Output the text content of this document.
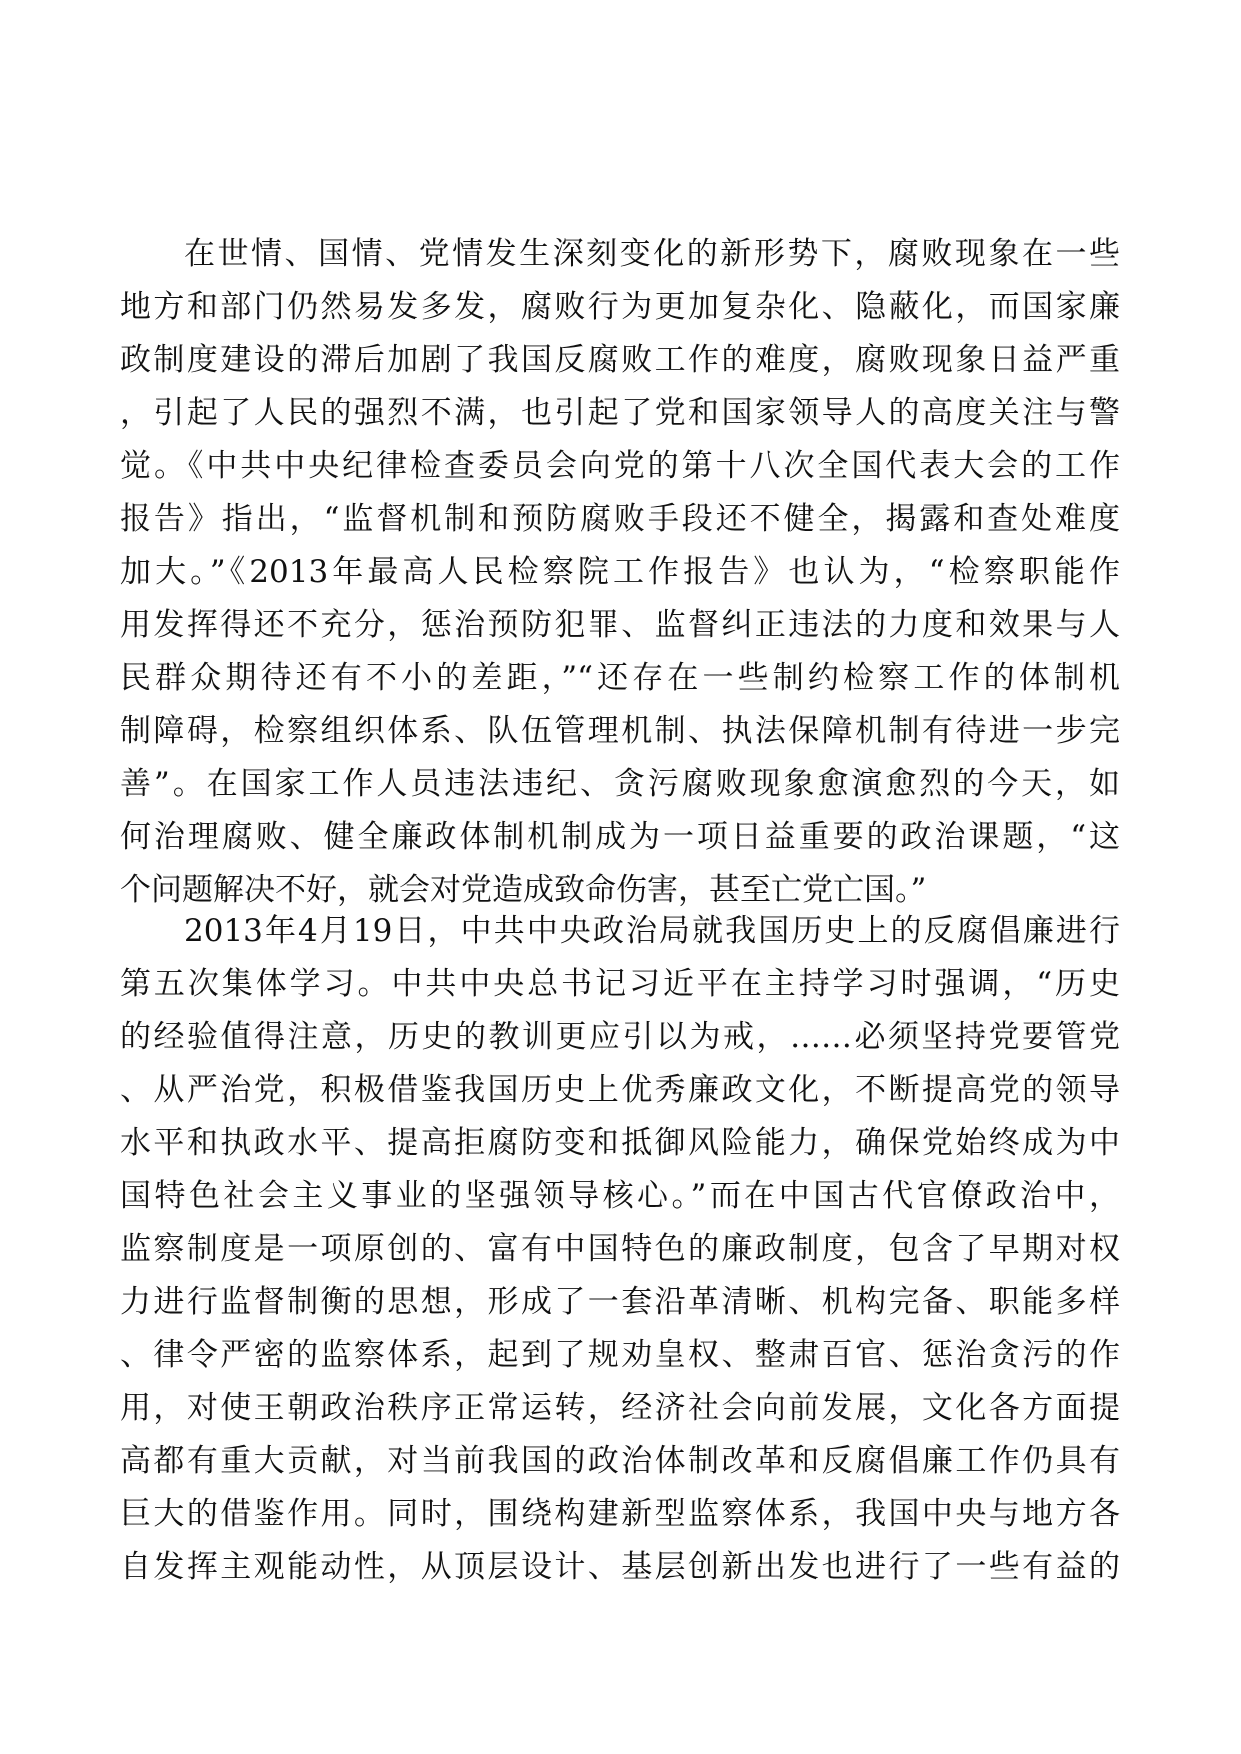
在世情、国情、党情发生深刻变化的新形势下，腐败现象在一些
地方和部门仍然易发多发，腐败行为更加复杂化、隐蔽化，而国家廉
政制度建设的滞后加剧了我国反腐败工作的难度，腐败现象日益严重
，引起了人民的强烈不满，也引起了党和国家领导人的高度关注与警
觉。《中共中央纪律检查委员会向党的第十八次全国代表大会的工作
报告》指出，“监督机制和预防腐败手段还不健全，揭露和查处难度
加大。”《2013年最高人民检察院工作报告》也认为，“检察职能作
用发挥得还不充分，惩治预防犯罪、监督纠正违法的力度和效果与人
民群众期待还有不小的差距，”“还存在一些制约检察工作的体制机
制障碍，检察组织体系、队伍管理机制、执法保障机制有待进一步完
善”。在国家工作人员违法违纪、贪污腐败现象愈演愈烈的今天，如
何治理腐败、健全廉政体制机制成为一项日益重要的政治课题，“这
个问题解决不好，就会对党造成致命伤害，甚至亡党亡国。”
2013年4月19日，中共中央政治局就我国历史上的反腐倡廉进行
第五次集体学习。中共中央总书记习近平在主持学习时强调，“历史
的经验值得注意，历史的教训更应引以为戒，……必须坚持党要管党
、从严治党，积极借鉴我国历史上优秀廉政文化，不断提高党的领导
水平和执政水平、提高拒腐防变和抵御风险能力，确保党始终成为中
国特色社会主义事业的坚强领导核心。”而在中国古代官僚政治中，
监察制度是一项原创的、富有中国特色的廉政制度，包含了早期对权
力进行监督制衡的思想，形成了一套沿革清晰、机构完备、职能多样
、律令严密的监察体系，起到了规劝皇权、整肃百官、惩治贪污的作
用，对使王朝政治秩序正常运转，经济社会向前发展，文化各方面提
高都有重大贡献，对当前我国的政治体制改革和反腐倡廉工作仍具有
巨大的借鉴作用。同时，围绕构建新型监察体系，我国中央与地方各
自发挥主观能动性，从顶层设计、基层创新出发也进行了一些有益的
